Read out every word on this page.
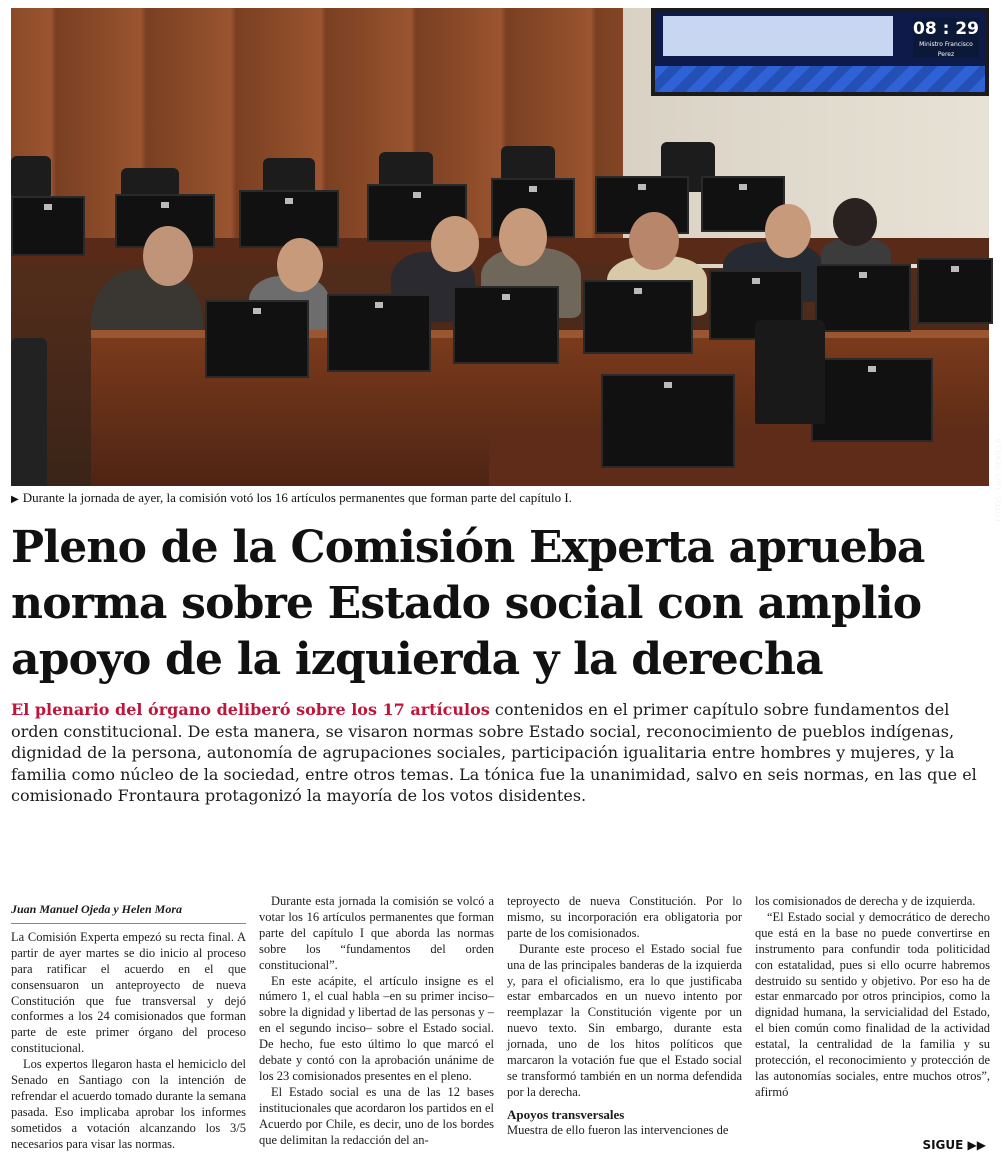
08 : 29
Ministro Francisco Perez
FOTOS: LUIS SEVILLA
▶ Durante la jornada de ayer, la comisión votó los 16 artículos permanentes que forman parte del capítulo I.
Pleno de la Comisión Experta aprueba norma sobre Estado social con amplio apoyo de la izquierda y la derecha

El plenario del órgano deliberó sobre los 17 artículos contenidos en el primer capítulo sobre fundamentos del orden constitucional. De esta manera, se visaron normas sobre Estado social, reconocimiento de pueblos indígenas, dignidad de la persona, autonomía de agrupaciones sociales, participación igualitaria entre hombres y mujeres, y la familia como núcleo de la sociedad, entre otros temas. La tónica fue la unanimidad, salvo en seis normas, en las que el comisionado Frontaura protagonizó la mayoría de los votos disidentes.

Juan Manuel Ojeda y Helen Mora

La Comisión Experta empezó su recta final. A partir de ayer martes se dio inicio al proceso para ratificar el acuerdo en el que consensuaron un anteproyecto de nueva Constitución que fue transversal y dejó conformes a los 24 comisionados que forman parte de este primer órgano del proceso constitucional.

Los expertos llegaron hasta el hemiciclo del Senado en Santiago con la intención de refrendar el acuerdo tomado durante la semana pasada. Eso implicaba aprobar los informes sometidos a votación alcanzando los 3/5 necesarios para visar las normas.

Durante esta jornada la comisión se volcó a votar los 16 artículos permanentes que forman parte del capítulo I que aborda las normas sobre los “fundamentos del orden constitucional”.

En este acápite, el artículo insigne es el número 1, el cual habla –en su primer inciso– sobre la dignidad y libertad de las personas y –en el segundo inciso– sobre el Estado social. De hecho, fue esto último lo que marcó el debate y contó con la aprobación unánime de los 23 comisionados presentes en el pleno.

El Estado social es una de las 12 bases institucionales que acordaron los partidos en el Acuerdo por Chile, es decir, uno de los bordes que delimitan la redacción del an-

teproyecto de nueva Constitución. Por lo mismo, su incorporación era obligatoria por parte de los comisionados.

Durante este proceso el Estado social fue una de las principales banderas de la izquierda y, para el oficialismo, era lo que justificaba estar embarcados en un nuevo intento por reemplazar la Constitución vigente por un nuevo texto. Sin embargo, durante esta jornada, uno de los hitos políticos que marcaron la votación fue que el Estado social se transformó también en un norma defendida por la derecha.

Apoyos transversales

Muestra de ello fueron las intervenciones de

los comisionados de derecha y de izquierda.

“El Estado social y democrático de derecho que está en la base no puede convertirse en instrumento para confundir toda politicidad con estatalidad, pues si ello ocurre habremos destruido su sentido y objetivo. Por eso ha de estar enmarcado por otros principios, como la dignidad humana, la servicialidad del Estado, el bien común como finalidad de la actividad estatal, la centralidad de la familia y su protección, el reconocimiento y protección de las autonomías sociales, entre muchos otros”, afirmó

SIGUE ▶▶
